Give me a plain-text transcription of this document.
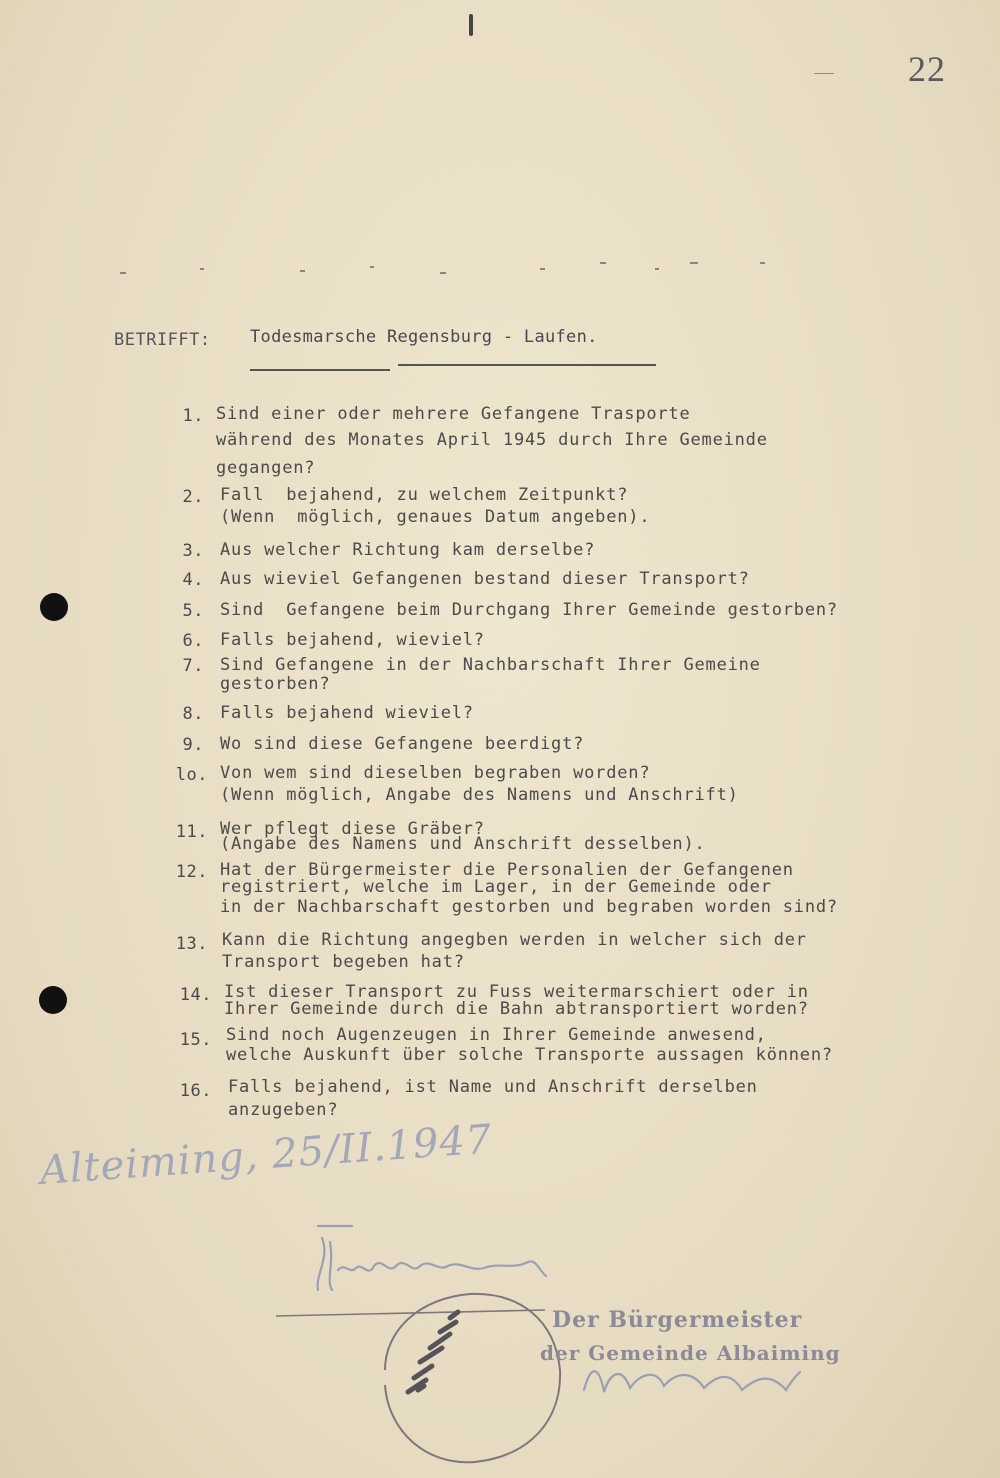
22
BETRIFFT: Todesmarsche Regensburg - Laufen.
1. Sind einer oder mehrere Gefangene Trasporte
während des Monates April 1945 durch Ihre Gemeinde
gegangen?
2. Fall  bejahend, zu welchem Zeitpunkt?
(Wenn  möglich, genaues Datum angeben).
3. Aus welcher Richtung kam derselbe?
4. Aus wieviel Gefangenen bestand dieser Transport?
5. Sind  Gefangene beim Durchgang Ihrer Gemeinde gestorben?
6. Falls bejahend, wieviel?
7. Sind Gefangene in der Nachbarschaft Ihrer Gemeine
gestorben?
8. Falls bejahend wieviel?
9. Wo sind diese Gefangene beerdigt?
lo. Von wem sind dieselben begraben worden?
(Wenn möglich, Angabe des Namens und Anschrift)
11. Wer pflegt diese Gräber?
(Angabe des Namens und Anschrift desselben).
12. Hat der Bürgermeister die Personalien der Gefangenen
registriert, welche im Lager, in der Gemeinde oder
in der Nachbarschaft gestorben und begraben worden sind?
13. Kann die Richtung angegben werden in welcher sich der
Transport begeben hat?
14. Ist dieser Transport zu Fuss weitermarschiert oder in
Ihrer Gemeinde durch die Bahn abtransportiert worden?
15. Sind noch Augenzeugen in Ihrer Gemeinde anwesend,
welche Auskunft über solche Transporte aussagen können?
16. Falls bejahend, ist Name und Anschrift derselben
anzugeben?
Alteiming, 25/II.1947
Der Bürgermeister
der Gemeinde Albaiming
